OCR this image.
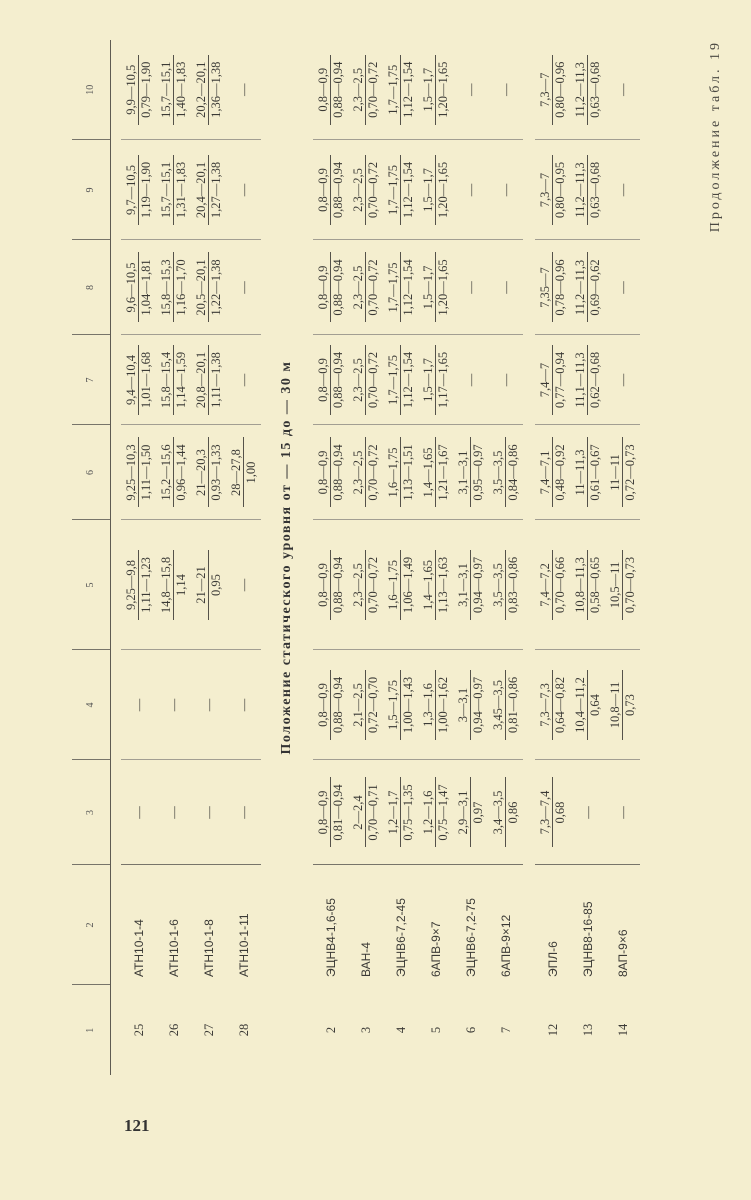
Продолжение табл. 19
1	2	3	4	5	6	7	8	9	10

25	АТН10-1-4	—	—	9,25—9,8 1,11—1,23	9,25—10,3 1,11—1,50	9,4—10,4 1,01—1,68	9,6—10,5 1,04—1,81	9,7—10,5 1,19—1,90	9,9—10,5 0,79—1,90

26	АТН10-1-6	—	—	14,8—15,8 1,14	15,2—15,6 0,96—1,44	15,8—15,4 1,14—1,59	15,8—15,3 1,16—1,70	15,7—15,1 1,31—1,83	15,7—15,1 1,40—1,83

27	АТН10-1-8	—	—	21—21 0,95	21—20,3 0,93—1,33	20,8—20,1 1,11—1,38	20,5—20,1 1,22—1,38	20,4—20,1 1,27—1,38	20,2—20,1 1,36—1,38

28	АТН10-1-11	—	—	—	28—27,8 1,00	—	—	—	—
Положение статического уровня от — 15 до — 30 м									
2	ЭЦНВ4-1,6-65	0,8—0,9 0,81—0,94	0,8—0,9 0,88—0,94	0,8—0,9 0,88—0,94	0,8—0,9 0,88—0,94	0,8—0,9 0,88—0,94	0,8—0,9 0,88—0,94	0,8—0,9 0,88—0,94	0,8—0,9 0,88—0,94

3	ВАН-4	2—2,4 0,70—0,71	2,1—2,5 0,72—0,70	2,3—2,5 0,70—0,72	2,3—2,5 0,70—0,72	2,3—2,5 0,70—0,72	2,3—2,5 0,70—0,72	2,3—2,5 0,70—0,72	2,3—2,5 0,70—0,72

4	ЭЦНВ6-7,2-45	1,2—1,7 0,75—1,35	1,5—1,75 1,00—1,43	1,6—1,75 1,06—1,49	1,6—1,75 1,13—1,51	1,7—1,75 1,12—1,54	1,7—1,75 1,12—1,54	1,7—1,75 1,12—1,54	1,7—1,75 1,12—1,54

5	6АПВ-9×7	1,2—1,6 0,75—1,47	1,3—1,6 1,00—1,62	1,4—1,65 1,13—1,63	1,4—1,65 1,21—1,67	1,5—1,7 1,17—1,65	1,5—1,7 1,20—1,65	1,5—1,7 1,20—1,65	1,5—1,7 1,20—1,65

6	ЭЦНВ6-7,2-75	2,9—3,1 0,97	3—3,1 0,94—0,97	3,1—3,1 0,94—0,97	3,1—3,1 0,95—0,97	—	—	—	—
7	6АПВ-9×12	3,4—3,5 0,86	3,45—3,5 0,81—0,86	3,5—3,5 0,83—0,86	3,5—3,5 0,84—0,86	—	—	—	—

12	ЭПЛ-6	7,3—7,4 0,68	7,3—7,3 0,64—0,82	7,4—7,2 0,70—0,66	7,4—7,1 0,48—0,92	7,4—7 0,77—0,94	7,35—7 0,78—0,96	7,3—7 0,80—0,95	7,3—7 0,80—0,96

13	ЭЦНВ8-16-85	—	10,4—11,2 0,64	10,8—11,3 0,58—0,65	11—11,3 0,61—0,67	11,1—11,3 0,62—0,68	11,2—11,3 0,69—0,62	11,2—11,3 0,63—0,68	11,2—11,3 0,63—0,68

14	8АП-9×6	—	10,8—11 0,73	10,5—11 0,70—0,73	11—11 0,72—0,73	—	—	—	—
121
